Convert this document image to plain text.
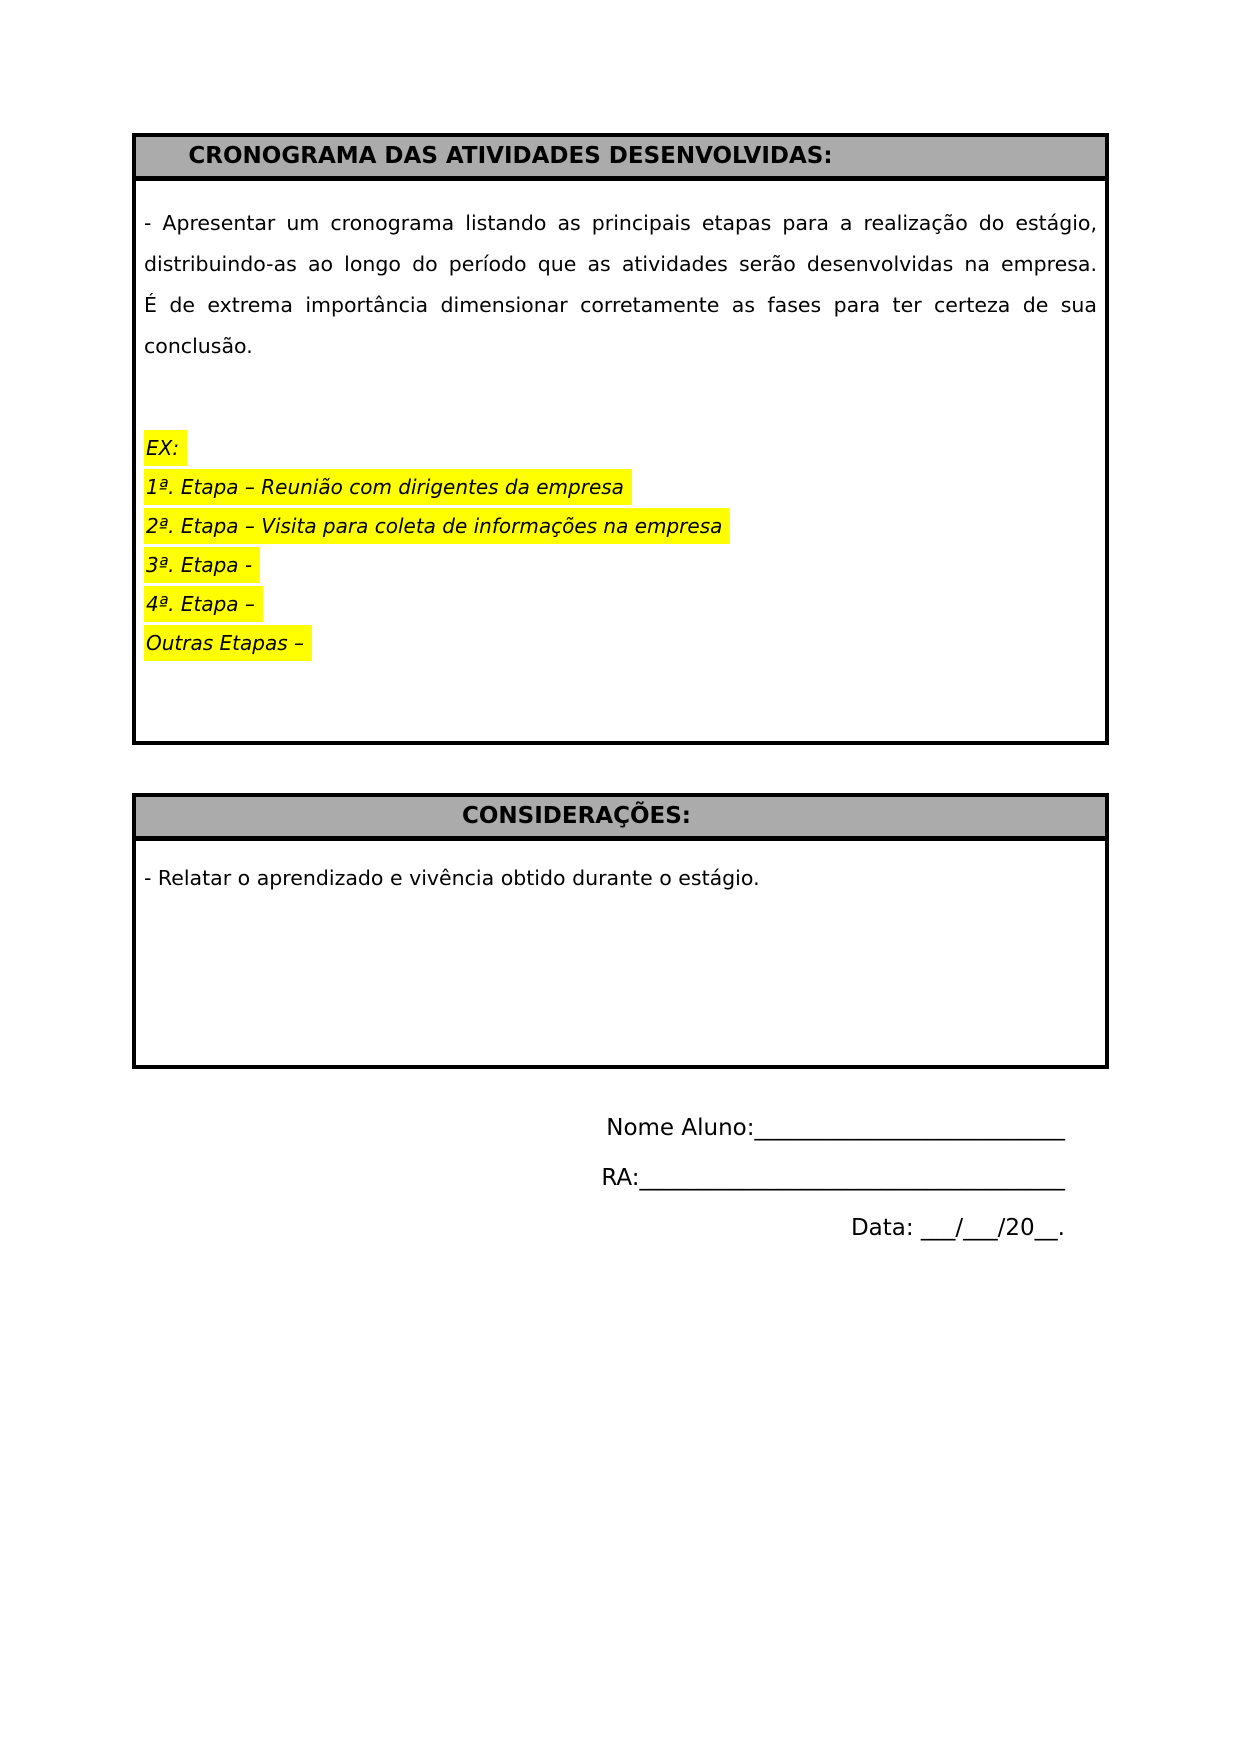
CRONOGRAMA DAS ATIVIDADES DESENVOLVIDAS:
- Apresentar um cronograma listando as principais etapas para a realização do estágio,
distribuindo-as ao longo do período que as atividades serão desenvolvidas na empresa.
É de extrema importância dimensionar corretamente as fases para ter certeza de sua
conclusão.
EX:
1ª. Etapa – Reunião com dirigentes da empresa
2ª. Etapa – Visita para coleta de informações na empresa
3ª. Etapa -
4ª. Etapa –
Outras Etapas –
CONSIDERAÇÕES:
- Relatar o aprendizado e vivência obtido durante o estágio.
Nome Aluno:___________________________
RA:_____________________________________
Data: ___/___/20__.
